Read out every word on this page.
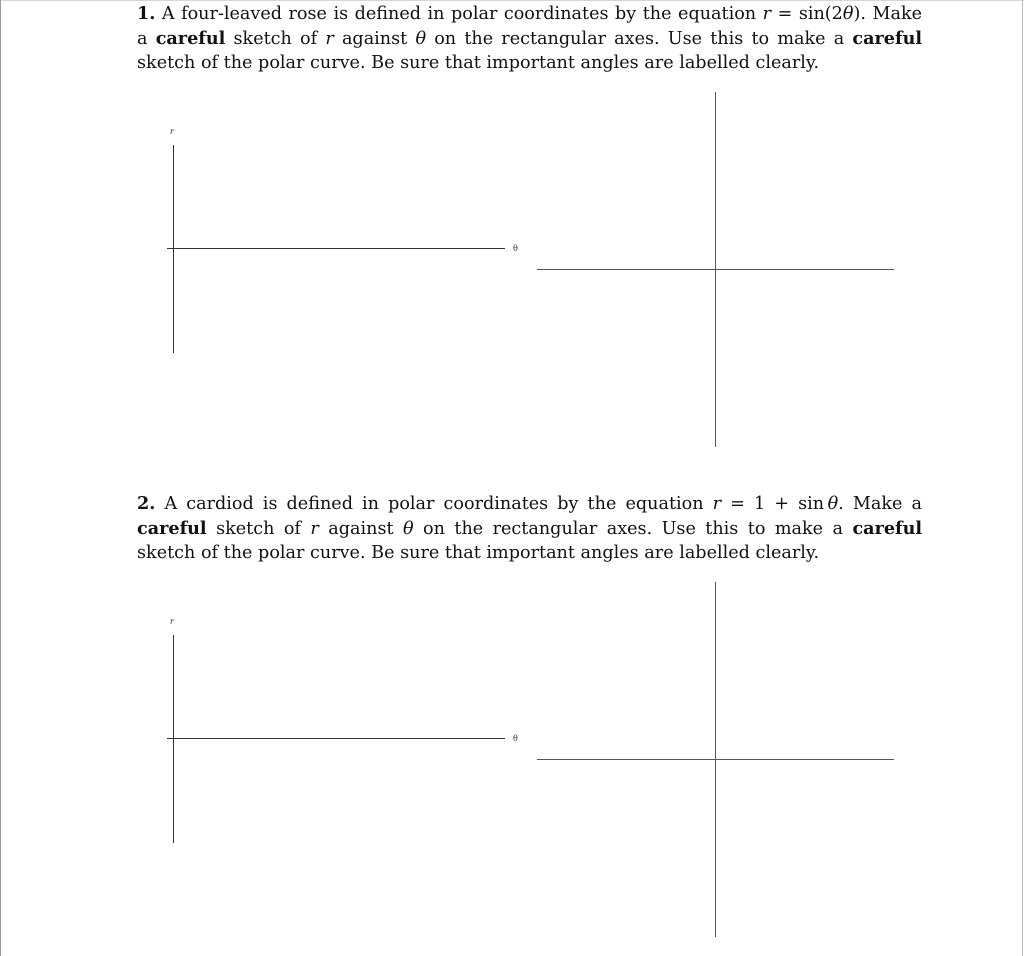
1. A four-leaved rose is defined in polar coordinates by the equation r = sin(2θ). Make a careful sketch of r against θ on the rectangular axes. Use this to make a careful sketch of the polar curve. Be sure that important angles are labelled clearly.
r
θ
2. A cardiod is defined in polar coordinates by the equation r = 1 + sin  θ. Make a careful sketch of r against θ on the rectangular axes. Use this to make a careful sketch of the polar curve. Be sure that important angles are labelled clearly.
r
θ
